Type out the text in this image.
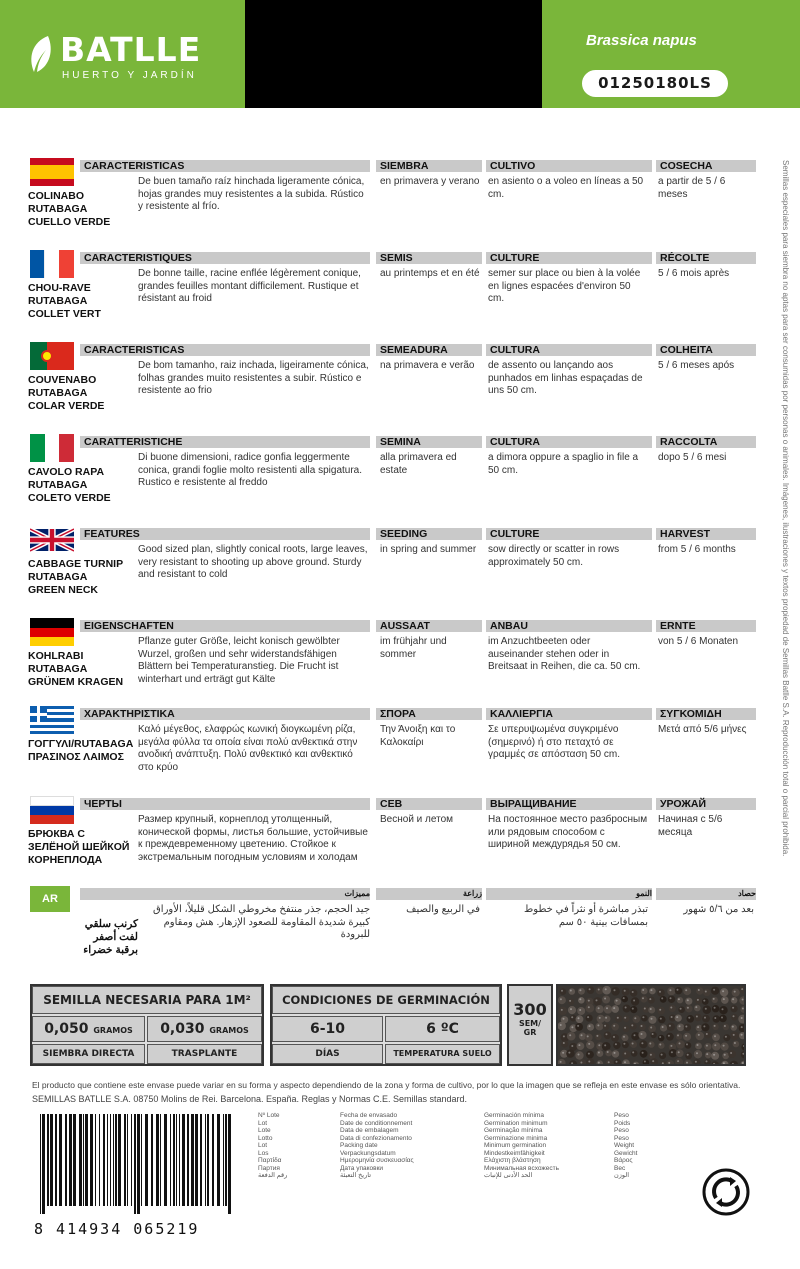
BATLLE
HUERTO Y JARDÍN
Brassica napus
01250180LS
Semillas especiales para siembra no aptas para ser consumidas por personas o animales. Imágenes, ilustraciones y textos propiedad de Semillas Batlle S.A. Reproducción total o parcial prohibida.
COLINABO
RUTABAGA
CUELLO VERDE
CARACTERISTICAS
De buen tamaño raíz hinchada ligeramente cónica, hojas grandes muy resistentes a la subida. Rústico y resistente al frío.
SIEMBRA
en primavera y verano
CULTIVO
en asiento o a voleo en líneas a 50 cm.
COSECHA
a partir de 5 / 6 meses
CHOU-RAVE
RUTABAGA
COLLET VERT
CARACTERISTIQUES
De bonne taille, racine enflée légèrement conique, grandes feuilles montant difficilement. Rustique et résistant au froid
SEMIS
au printemps et en été
CULTURE
semer sur place ou bien à la volée en lignes espacées d'environ 50 cm.
RÉCOLTE
5 / 6 mois après
COUVENABO
RUTABAGA
COLAR VERDE
CARACTERISTICAS
De bom tamanho, raiz inchada, ligeiramente cónica, folhas grandes muito resistentes a subir. Rústico e resistente ao frio
SEMEADURA
na primavera e verão
CULTURA
de assento ou lançando aos punhados em linhas espaçadas de uns 50 cm.
COLHEITA
5 / 6 meses após
CAVOLO RAPA
RUTABAGA
COLETO VERDE
CARATTERISTICHE
Di buone dimensioni, radice gonfia leggermente conica, grandi foglie molto resistenti alla spigatura. Rustico e resistente al freddo
SEMINA
alla primavera ed estate
CULTURA
a dimora oppure a spaglio in file a 50 cm.
RACCOLTA
dopo 5 / 6 mesi
CABBAGE TURNIP
RUTABAGA
GREEN NECK
FEATURES
Good sized plan, slightly conical roots, large leaves, very resistant to shooting up above ground. Sturdy and resistant to cold
SEEDING
in spring and summer
CULTURE
sow directly or scatter in rows approximately 50 cm.
HARVEST
from 5 / 6 months
KOHLRABI
RUTABAGA
GRÜNEM KRAGEN
EIGENSCHAFTEN
Pflanze guter Größe, leicht konisch gewölbter Wurzel, großen und sehr widerstandsfähigen Blättern bei Temperaturanstieg. Die Frucht ist winterhart und erträgt gut Kälte
AUSSAAT
im frühjahr und sommer
ANBAU
im Anzuchtbeeten oder auseinander stehen oder in Breitsaat in Reihen, die ca. 50 cm.
ERNTE
von 5 / 6 Monaten
ΓΟΓΓΥΛΙ/RUTABAGA
ΠΡΑΣΙΝΟΣ ΛΑΙΜΟΣ
ΧΑΡΑΚΤΗΡΙΣΤΙΚΑ
Καλό μέγεθος, ελαφρώς κωνική διογκωμένη ρίζα, μεγάλα φύλλα τα οποία είναι πολύ ανθεκτικά στην ανοδική ανάπτυξη. Πολύ ανθεκτικό και ανθεκτικό στο κρύο
ΣΠΟΡΑ
Την Άνοιξη και το Καλοκαίρι
ΚΑΛΛΙΕΡΓΙΑ
Σε υπερυψωμένα συγκριμένο (σημερινό) ή στο πεταχτό σε γραμμές σε απόσταση 50 cm.
ΣΥΓΚΟΜΙΔΗ
Μετά από 5/6 μήνες
БРЮКВА С
ЗЕЛЁНОЙ ШЕЙКОЙ
КОРНЕПЛОДА
ЧЕРТЫ
Размер крупный, корнеплод утолщенный, конической формы, листья большие, устойчивые к преждевременному цветению. Стойкое к экстремальным погодным условиям и холодам
СЕВ
Весной и летом
ВЫРАЩИВАНИЕ
На постоянное место разбросным или рядовым способом с шириной междурядья 50 см.
УРОЖАЙ
Начиная с 5/6 месяца
AR
كرنب سلقي
لفت أصفر
برقبة خضراء
مميزات
جيد الحجم، جذر منتفخ مخروطي الشكل قليلاً، الأوراق كبيرة شديدة المقاومة للصعود الإزهار. هش ومقاوم للبرودة
زراعة
في الربيع والصيف
النمو
تبذر مباشرة أو نثراً في خطوط بمسافات بينية ٥٠ سم
حصاد
بعد من ٥/٦ شهور
SEMILLA NECESARIA PARA 1M²
0,050 GRAMOS	0,030 GRAMOS
SIEMBRA DIRECTA	TRASPLANTE
CONDICIONES DE GERMINACIÓN
6-10	6 ºC
DÍAS	TEMPERATURA SUELO
300
SEM/ GR
El producto que contiene este envase puede variar en su forma y aspecto dependiendo de la zona y forma de cultivo, por lo que la imagen que se refleja en este envase es sólo orientativa.
SEMILLAS BATLLE S.A. 08750 Molins de Rei. Barcelona. España. Reglas y Normas C.E. Semillas standard.
8 414934 065219
Nº Lote
Lot
Lote
Lotto
Lot
Los
Παρτίδα
Партия
رقم الدفعة
Fecha de envasado
Date de conditionnement
Data de embalagem
Data di confezionamento
Packing date
Verpackungsdatum
Ημερομηνία συσκευασίας
Дата упаковки
تاريخ التعبئة
Germinación mínima
Germination minimum
Germinação mínima
Germinazione minima
Minimum germination
Mindestkeimfähigkeit
Ελάχιστη βλάστηση
Минимальная всхожесть
الحد الأدنى للإنبات
Peso
Poids
Peso
Peso
Weight
Gewicht
Βάρος
Вес
الوزن
